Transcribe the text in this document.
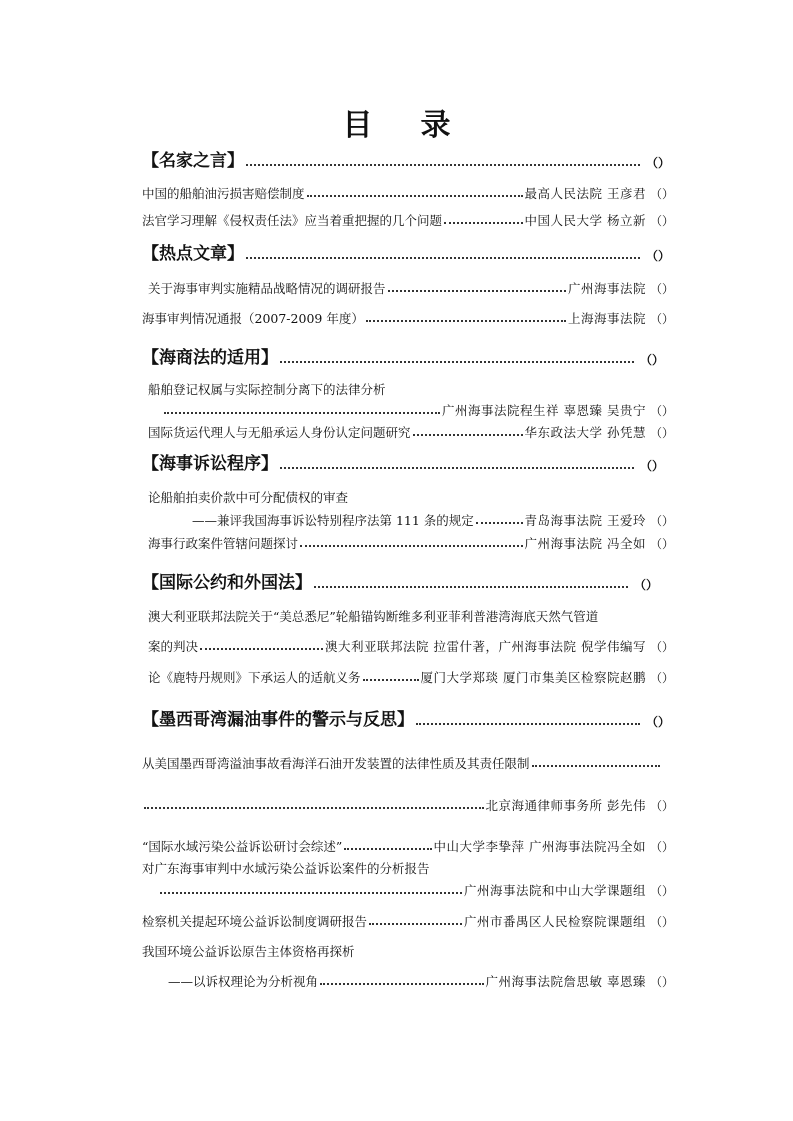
目 录
【名家之言】	（）
中国的船舶油污损害赔偿制度	最高人民法院 王彦君 （）
法官学习理解《侵权责任法》应当着重把握的几个问题	中国人民大学 杨立新 （）
【热点文章】	（）
关于海事审判实施精品战略情况的调研报告	广州海事法院 （）
海事审判情况通报（2007-2009 年度）	上海海事法院 （）
【海商法的适用】	（）
船舶登记权属与实际控制分离下的法律分析
广州海事法院程生祥 辜恩臻 吴贵宁 （）
国际货运代理人与无船承运人身份认定问题研究	华东政法大学 孙凭慧 （）
【海事诉讼程序】	（）
论船舶拍卖价款中可分配债权的审查
——兼评我国海事诉讼特别程序法第 111 条的规定	青岛海事法院 王爱玲 （）
海事行政案件管辖问题探讨	广州海事法院 冯全如 （）
【国际公约和外国法】	（）
澳大利亚联邦法院关于“美总悉尼”轮船锚钩断维多利亚菲利普港湾海底天然气管道
案的判决	澳大利亚联邦法院 拉雷什著，广州海事法院 倪学伟编写 （）
论《鹿特丹规则》下承运人的适航义务	厦门大学郑琰 厦门市集美区检察院赵鹏 （）
【墨西哥湾漏油事件的警示与反思】	（）
从美国墨西哥湾溢油事故看海洋石油开发装置的法律性质及其责任限制
北京海通律师事务所 彭先伟 （）
“国际水域污染公益诉讼研讨会综述”	中山大学李挚萍 广州海事法院冯全如 （）
对广东海事审判中水域污染公益诉讼案件的分析报告
广州海事法院和中山大学课题组 （）
检察机关提起环境公益诉讼制度调研报告	广州市番禺区人民检察院课题组 （）
我国环境公益诉讼原告主体资格再探析
——以诉权理论为分析视角	广州海事法院詹思敏 辜恩臻 （）
